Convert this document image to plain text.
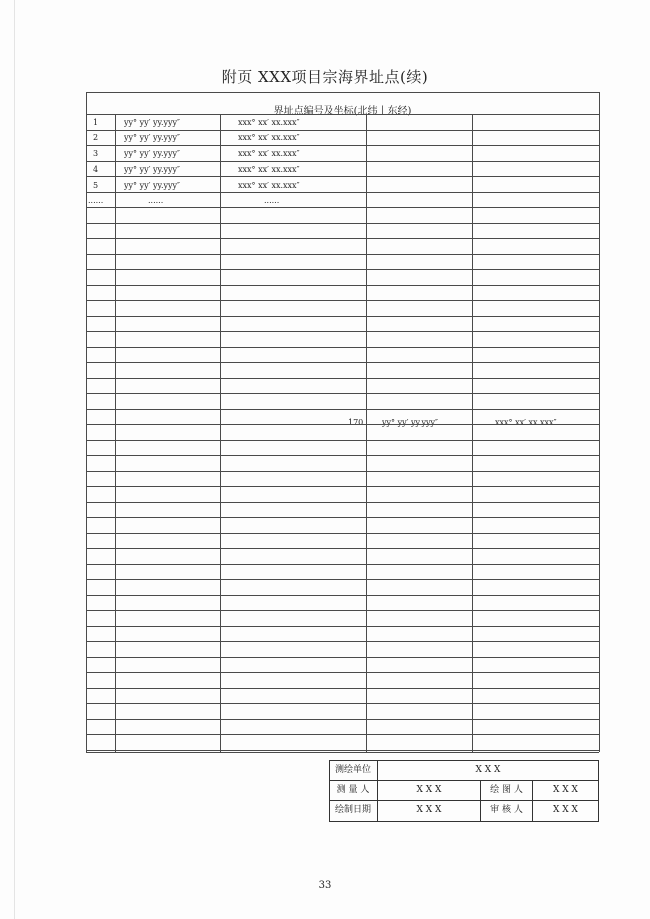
附页 XXX项目宗海界址点(续)
界址点编号及坐标(北纬丨东经)
1	yy° yy′ yy.yyy″	xxx° xx′ xx.xxx″
2	yy° yy′ yy.yyy″	xxx° xx′ xx.xxx″
3	yy° yy′ yy.yyy″	xxx° xx′ xx.xxx″
4	yy° yy′ yy.yyy″	xxx° xx′ xx.xxx″
5	yy° yy′ yy.yyy″	xxx° xx′ xx.xxx″
......	......	......
170 yy° yy′ yy.yyy″	xxx° xx′ xx.xxx″
测绘单位	X X X
测 量 人	X X X	绘 图 人	X X X
绘制日期	X X X	审 核 人	X X X
33
